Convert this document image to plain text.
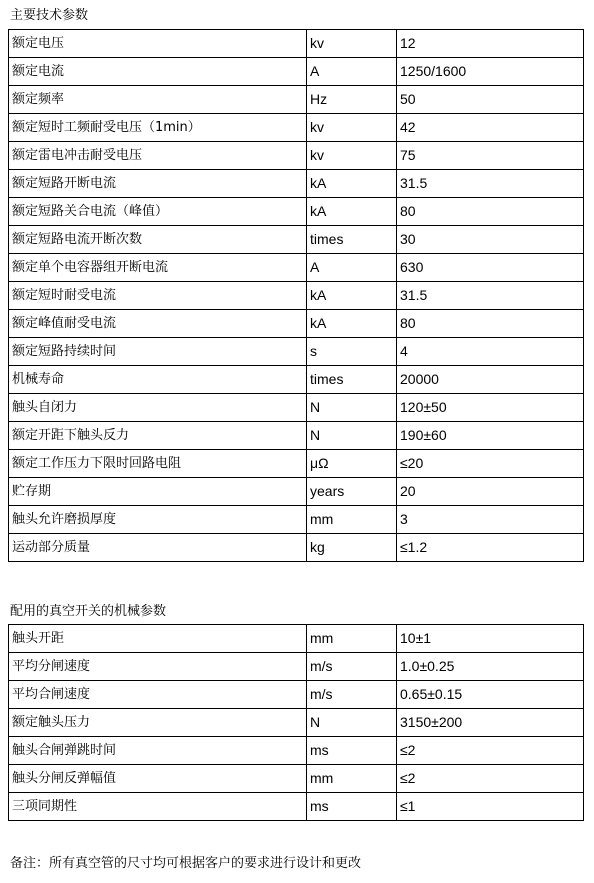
主要技术参数
额定电压	kv	12
额定电流	A	1250/1600
额定频率	Hz	50
额定短时工频耐受电压（1min）	kv	42
额定雷电冲击耐受电压	kv	75
额定短路开断电流	kA	31.5
额定短路关合电流（峰值）	kA	80
额定短路电流开断次数	times	30
额定单个电容器组开断电流	A	630
额定短时耐受电流	kA	31.5
额定峰值耐受电流	kA	80
额定短路持续时间	s	4
机械寿命	times	20000
触头自闭力	N	120±50
额定开距下触头反力	N	190±60
额定工作压力下限时回路电阻	μΩ	≤20
贮存期	years	20
触头允许磨损厚度	mm	3
运动部分质量	kg	≤1.2
配用的真空开关的机械参数
触头开距	mm	10±1
平均分闸速度	m/s	1.0±0.25
平均合闸速度	m/s	0.65±0.15
额定触头压力	N	3150±200
触头合闸弹跳时间	ms	≤2
触头分闸反弹幅值	mm	≤2
三项同期性	ms	≤1

备注：所有真空管的尺寸均可根据客户的要求进行设计和更改
